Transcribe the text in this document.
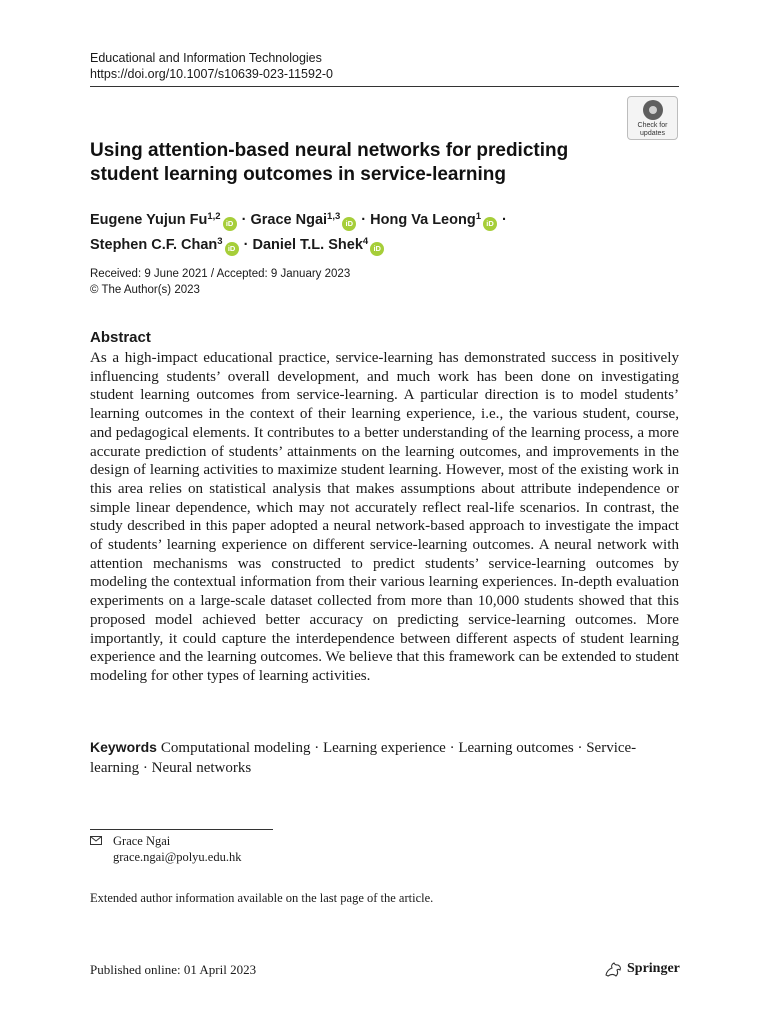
Educational and Information Technologies
https://doi.org/10.1007/s10639-023-11592-0
Check for
updates
Using attention-based neural networks for predicting
student learning outcomes in service-learning
Eugene Yujun Fu$^{1,2}$iD · Grace Ngai$^{1,3}$iD · Hong Va Leong$^1$iD ·
Stephen C.F. Chan$^3$iD · Daniel T.L. Shek$^4$iD
Received: 9 June 2021 / Accepted: 9 January 2023
© The Author(s) 2023
Abstract
As a high-impact educational practice, service-learning has demonstrated success in positively influencing students’ overall development, and much work has been done on investigating student learning outcomes from service-learning. A particular direction is to model students’ learning outcomes in the context of their learning experience, i.e., the various student, course, and pedagogical elements. It contributes to a better understanding of the learning process, a more accurate prediction of students’ attainments on the learning outcomes, and improvements in the design of learning activities to maximize student learning. However, most of the existing work in this area relies on statistical analysis that makes assumptions about attribute independence or simple linear dependence, which may not accurately reflect real-life scenarios. In contrast, the study described in this paper adopted a neural network-based approach to investigate the impact of students’ learning experience on different service-learning outcomes. A neural network with attention mechanisms was constructed to predict students’ service-learning outcomes by modeling the contextual information from their various learning experiences. In-depth evaluation experiments on a large-scale dataset collected from more than 10,000 students showed that this proposed model achieved better accuracy on predicting service-learning outcomes. More importantly, it could capture the interdependence between different aspects of student learning experience and the learning outcomes. We believe that this framework can be extended to student modeling for other types of learning activities.
Keywords Computational modeling · Learning experience · Learning outcomes · Service-learning · Neural networks
Grace Ngai
grace.ngai@polyu.edu.hk
Extended author information available on the last page of the article.
Published online: 01 April 2023	Springer
